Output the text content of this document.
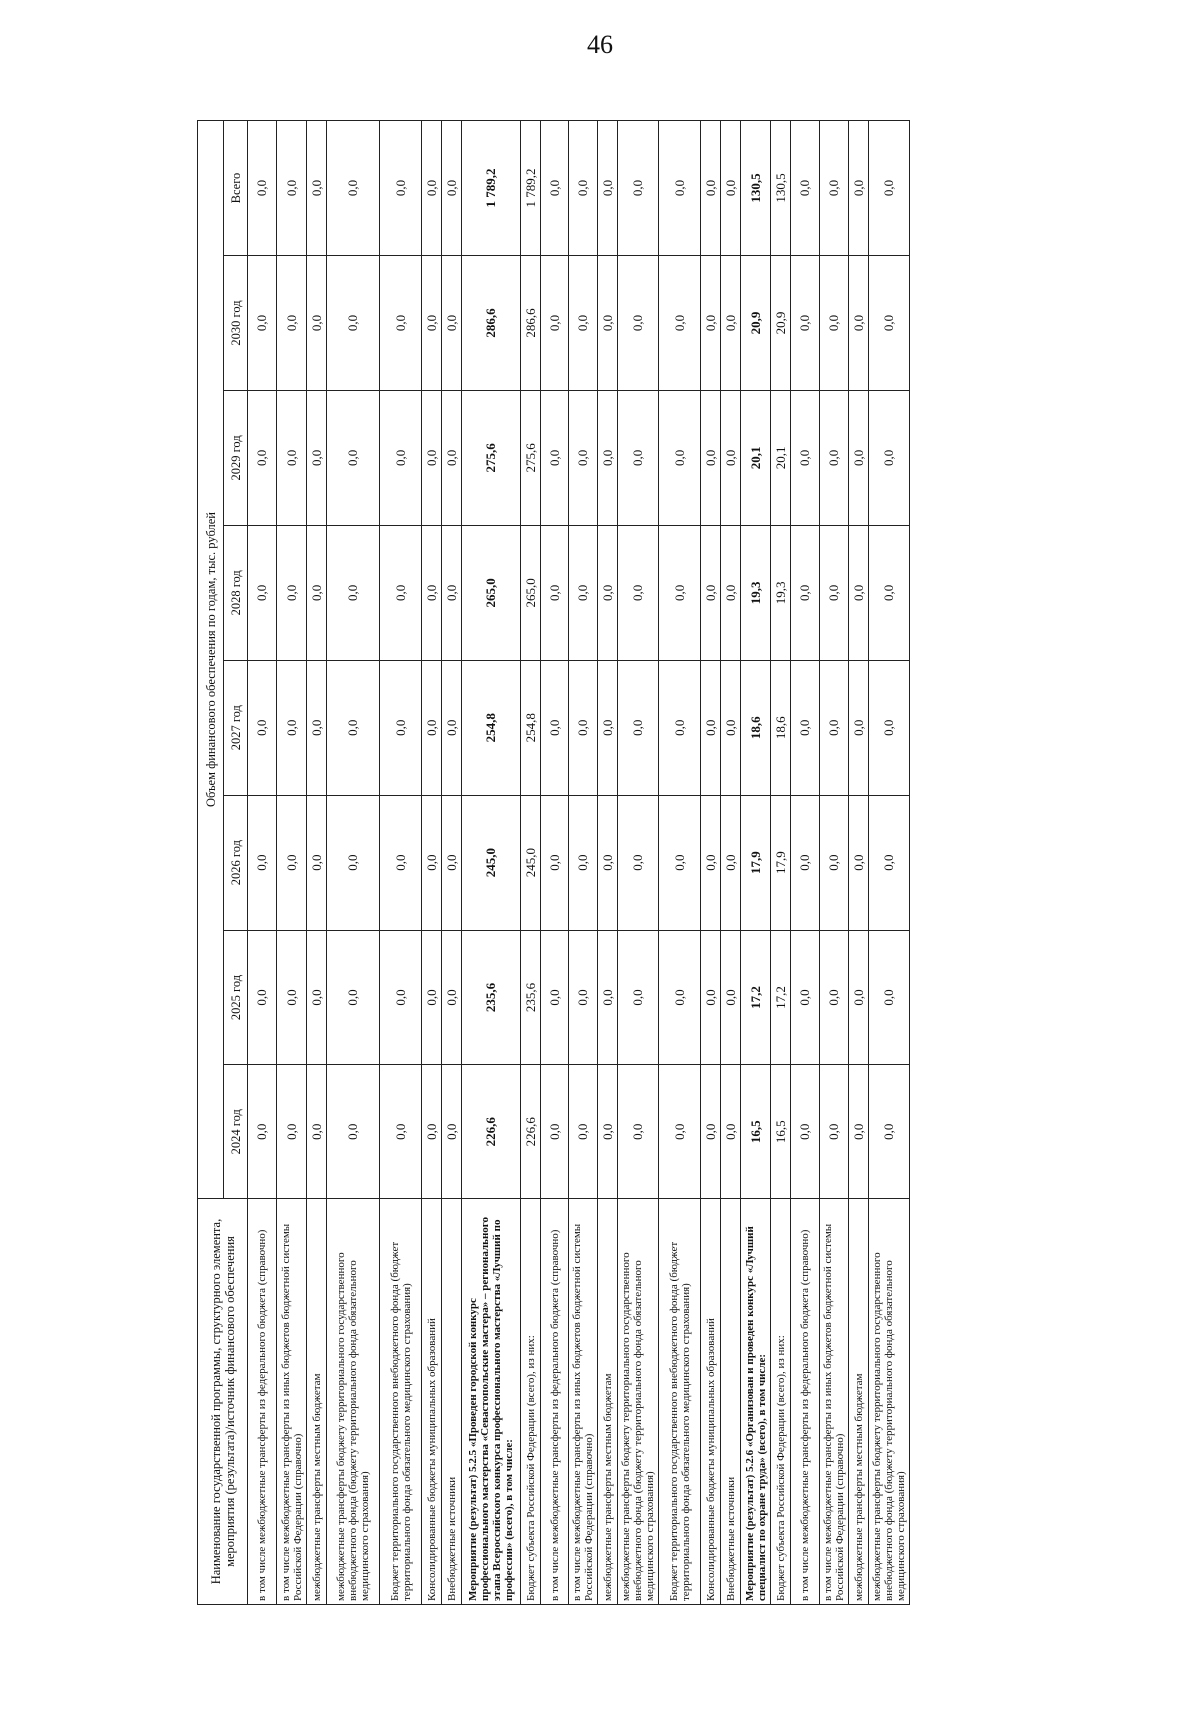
46
Наименование государственной программы, структурного элемента, мероприятия (результата)/источник финансового обеспечения	Объем финансового обеспечения по годам, тыс. рублей							
	2024 год	2025 год	2026 год	2027 год	2028 год	2029 год	2030 год	Всего
в том числе межбюджетные трансферты из федерального бюджета (справочно)	0,0	0,0	0,0	0,0	0,0	0,0	0,0	0,0
в том числе межбюджетные трансферты из иных бюджетов бюджетной системы Российской Федерации (справочно)	0,0	0,0	0,0	0,0	0,0	0,0	0,0	0,0
межбюджетные трансферты местным бюджетам	0,0	0,0	0,0	0,0	0,0	0,0	0,0	0,0
межбюджетные трансферты бюджету территориального государственного внебюджетного фонда (бюджету территориального фонда обязательного медицинского страхования)	0,0	0,0	0,0	0,0	0,0	0,0	0,0	0,0
Бюджет территориального государственного внебюджетного фонда (бюджет территориального фонда обязательного медицинского страхования)	0,0	0,0	0,0	0,0	0,0	0,0	0,0	0,0
Консолидированные бюджеты муниципальных образований	0,0	0,0	0,0	0,0	0,0	0,0	0,0	0,0
Внебюджетные источники	0,0	0,0	0,0	0,0	0,0	0,0	0,0	0,0
Мероприятие (результат) 5.2.5 «Проведен городской конкурс профессионального мастерства «Севастопольские мастера» – регионального этапа Всероссийского конкурса профессионального мастерства «Лучший по профессии» (всего), в том числе:	226,6	235,6	245,0	254,8	265,0	275,6	286,6	1 789,2
Бюджет субъекта Российской Федерации (всего), из них:	226,6	235,6	245,0	254,8	265,0	275,6	286,6	1 789,2
в том числе межбюджетные трансферты из федерального бюджета (справочно)	0,0	0,0	0,0	0,0	0,0	0,0	0,0	0,0
в том числе межбюджетные трансферты из иных бюджетов бюджетной системы Российской Федерации (справочно)	0,0	0,0	0,0	0,0	0,0	0,0	0,0	0,0
межбюджетные трансферты местным бюджетам	0,0	0,0	0,0	0,0	0,0	0,0	0,0	0,0
межбюджетные трансферты бюджету территориального государственного внебюджетного фонда (бюджету территориального фонда обязательного медицинского страхования)	0,0	0,0	0,0	0,0	0,0	0,0	0,0	0,0
Бюджет территориального государственного внебюджетного фонда (бюджет территориального фонда обязательного медицинского страхования)	0,0	0,0	0,0	0,0	0,0	0,0	0,0	0,0
Консолидированные бюджеты муниципальных образований	0,0	0,0	0,0	0,0	0,0	0,0	0,0	0,0
Внебюджетные источники	0,0	0,0	0,0	0,0	0,0	0,0	0,0	0,0
Мероприятие (результат) 5.2.6 «Организован и проведен конкурс «Лучший специалист по охране труда» (всего), в том числе:	16,5	17,2	17,9	18,6	19,3	20,1	20,9	130,5
Бюджет субъекта Российской Федерации (всего), из них:	16,5	17,2	17,9	18,6	19,3	20,1	20,9	130,5
в том числе межбюджетные трансферты из федерального бюджета (справочно)	0,0	0,0	0,0	0,0	0,0	0,0	0,0	0,0
в том числе межбюджетные трансферты из иных бюджетов бюджетной системы Российской Федерации (справочно)	0,0	0,0	0,0	0,0	0,0	0,0	0,0	0,0
межбюджетные трансферты местным бюджетам	0,0	0,0	0,0	0,0	0,0	0,0	0,0	0,0
межбюджетные трансферты бюджету территориального государственного внебюджетного фонда (бюджету территориального фонда обязательного медицинского страхования)	0,0	0,0	0,0	0,0	0,0	0,0	0,0	0,0
